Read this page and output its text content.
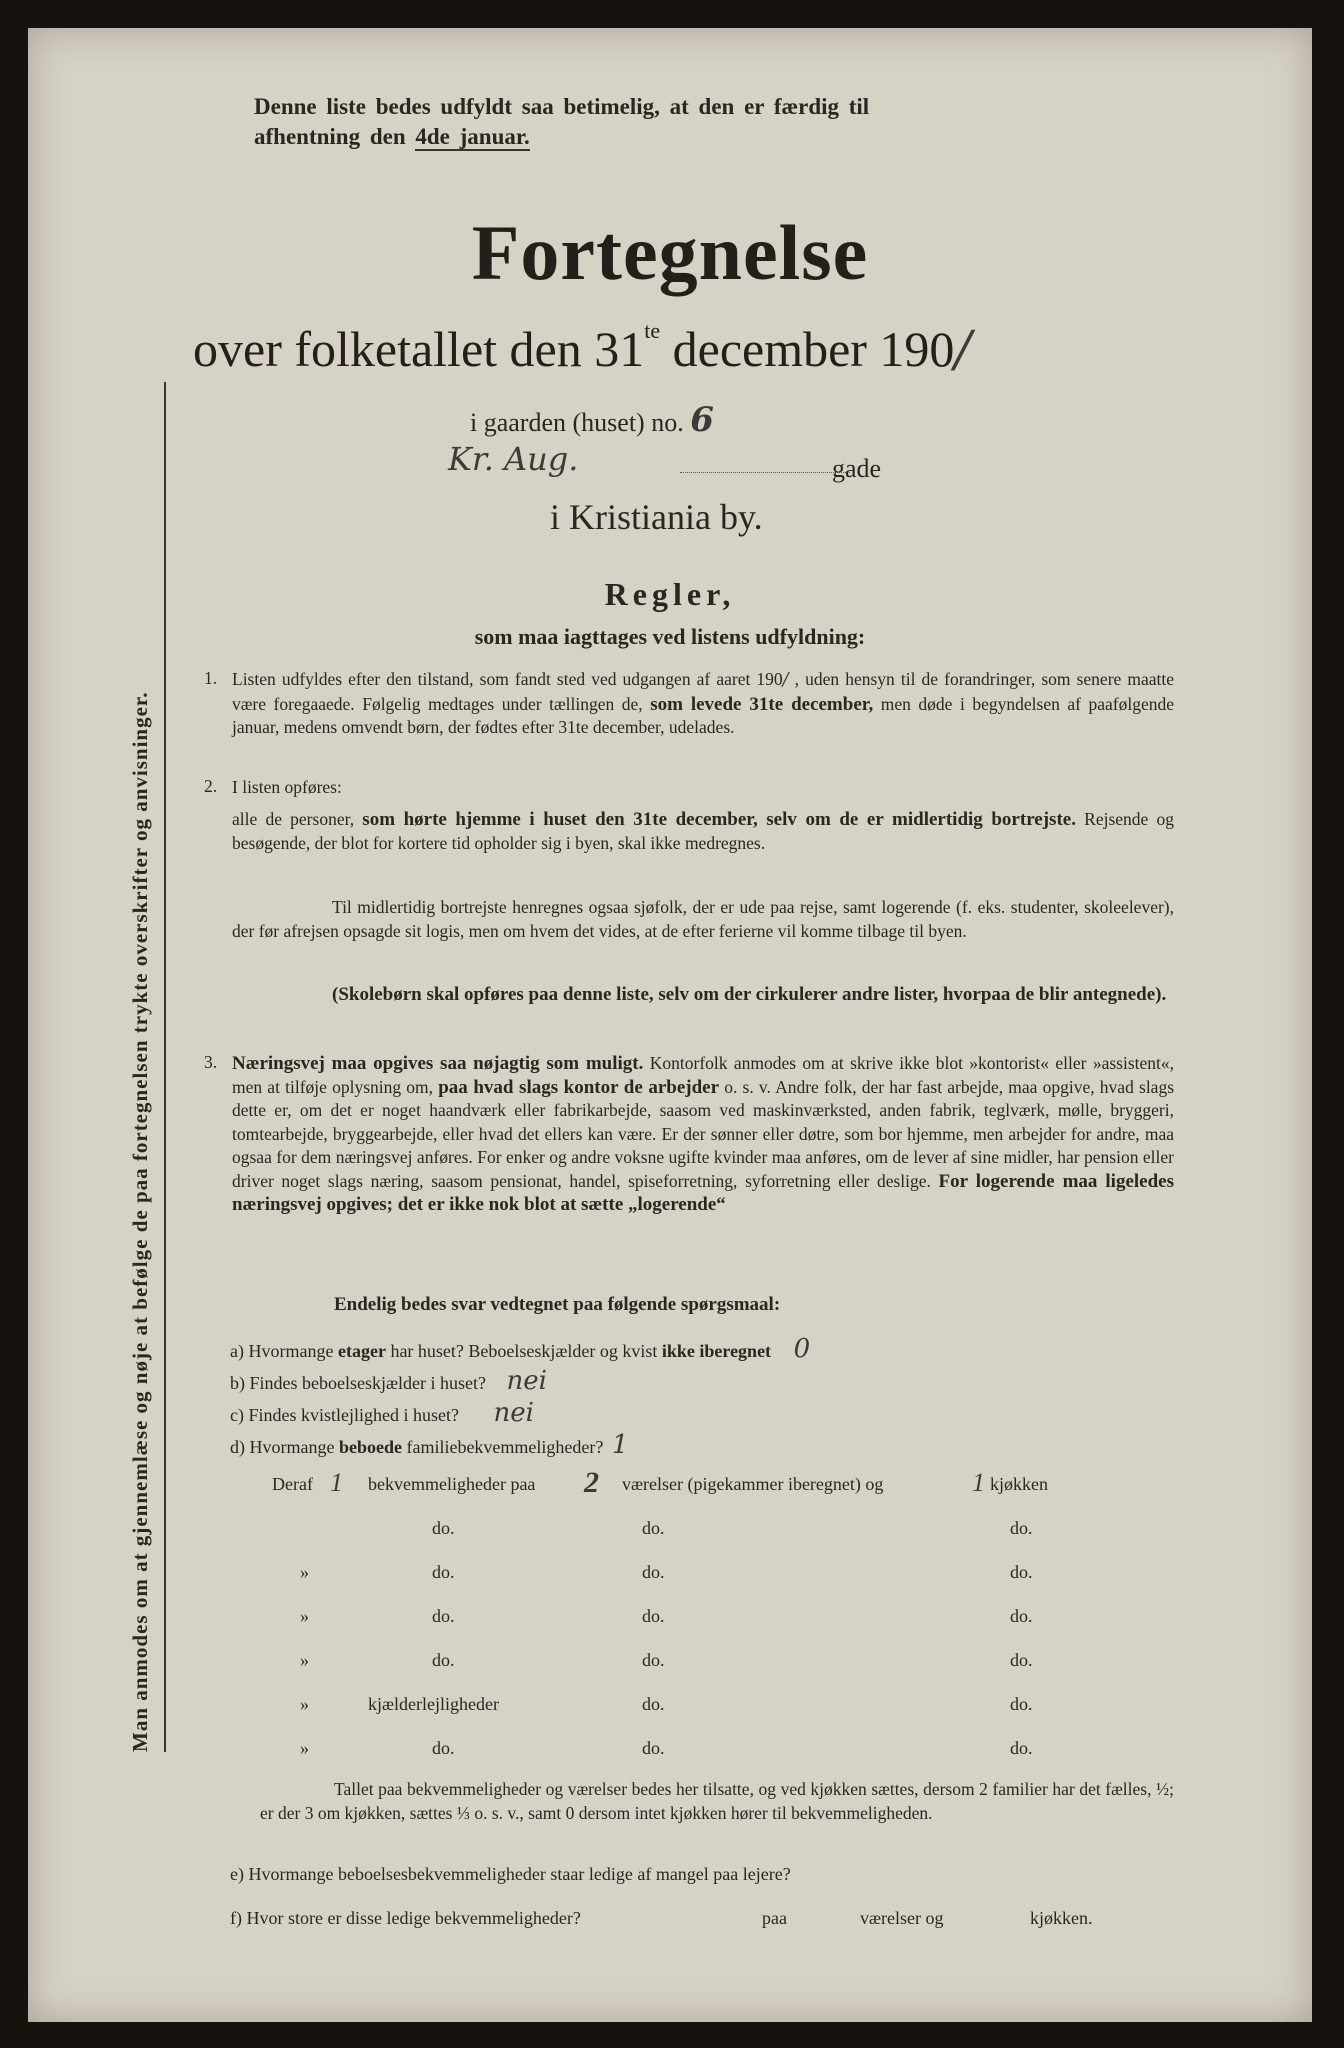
Denne liste bedes udfyldt saa betimelig, at den er færdig til
afhentning den 4de januar.
Fortegnelse
over folketallet den $31^{te}$ december 190/
i gaarden (huset) no. 6
Kr. Aug.	gade
i Kristiania by.
Regler,
som maa iagttages ved listens udfyldning:
1. Listen udfyldes efter den tilstand, som fandt sted ved udgangen af aaret 190/ , uden hensyn til de forandringer, som senere maatte være foregaaede. Følgelig medtages under tællingen de, som levede 31te december, men døde i begyndelsen af paafølgende januar, medens omvendt børn, der fødtes efter 31te december, udelades.
2. I listen opføres:
alle de personer, som hørte hjemme i huset den 31te december, selv om de er midlertidig bortrejste. Rejsende og besøgende, der blot for kortere tid opholder sig i byen, skal ikke medregnes.
Til midlertidig bortrejste henregnes ogsaa sjøfolk, der er ude paa rejse, samt logerende (f. eks. studenter, skoleelever), der før afrejsen opsagde sit logis, men om hvem det vides, at de efter ferierne vil komme tilbage til byen.
(Skolebørn skal opføres paa denne liste, selv om der cirkulerer andre lister, hvorpaa de blir antegnede).
3. Næringsvej maa opgives saa nøjagtig som muligt. Kontorfolk anmodes om at skrive ikke blot »kontorist« eller »assistent«, men at tilføje oplysning om, paa hvad slags kontor de arbejder o. s. v. Andre folk, der har fast arbejde, maa opgive, hvad slags dette er, om det er noget haandværk eller fabrikarbejde, saasom ved maskinværksted, anden fabrik, teglværk, mølle, bryggeri, tomtearbejde, bryggearbejde, eller hvad det ellers kan være. Er der sønner eller døtre, som bor hjemme, men arbejder for andre, maa ogsaa for dem næringsvej anføres. For enker og andre voksne ugifte kvinder maa anføres, om de lever af sine midler, har pension eller driver noget slags næring, saasom pensionat, handel, spiseforretning, syforretning eller deslige. For logerende maa ligeledes næringsvej opgives; det er ikke nok blot at sætte „logerende“
Endelig bedes svar vedtegnet paa følgende spørgsmaal:
a) Hvormange etager har huset? Beboelseskjælder og kvist ikke iberegnet 0
b) Findes beboelseskjælder i huset? nei
c) Findes kvistlejlighed i huset? nei
d) Hvormange beboede familiebekvemmeligheder? 1
Deraf 1 bekvemmeligheder paa 2 værelser (pigekammer iberegnet) og	1 kjøkken
do.	do.	do.
»	do.	do.	do.
»	do.	do.	do.
»	do.	do.	do.
»	kjælderlejligheder	do.	do.
»	do.	do.	do.
Tallet paa bekvemmeligheder og værelser bedes her tilsatte, og ved kjøkken sættes, dersom 2 familier har det fælles, ½; er der 3 om kjøkken, sættes ⅓ o. s. v., samt 0 dersom intet kjøkken hører til bekvemmeligheden.
e) Hvormange beboelsesbekvemmeligheder staar ledige af mangel paa lejere?
f) Hvor store er disse ledige bekvemmeligheder?	paa	værelser og	kjøkken.
Man anmodes om at gjennemlæse og nøje at befølge de paa fortegnelsen trykte overskrifter og anvisninger.
